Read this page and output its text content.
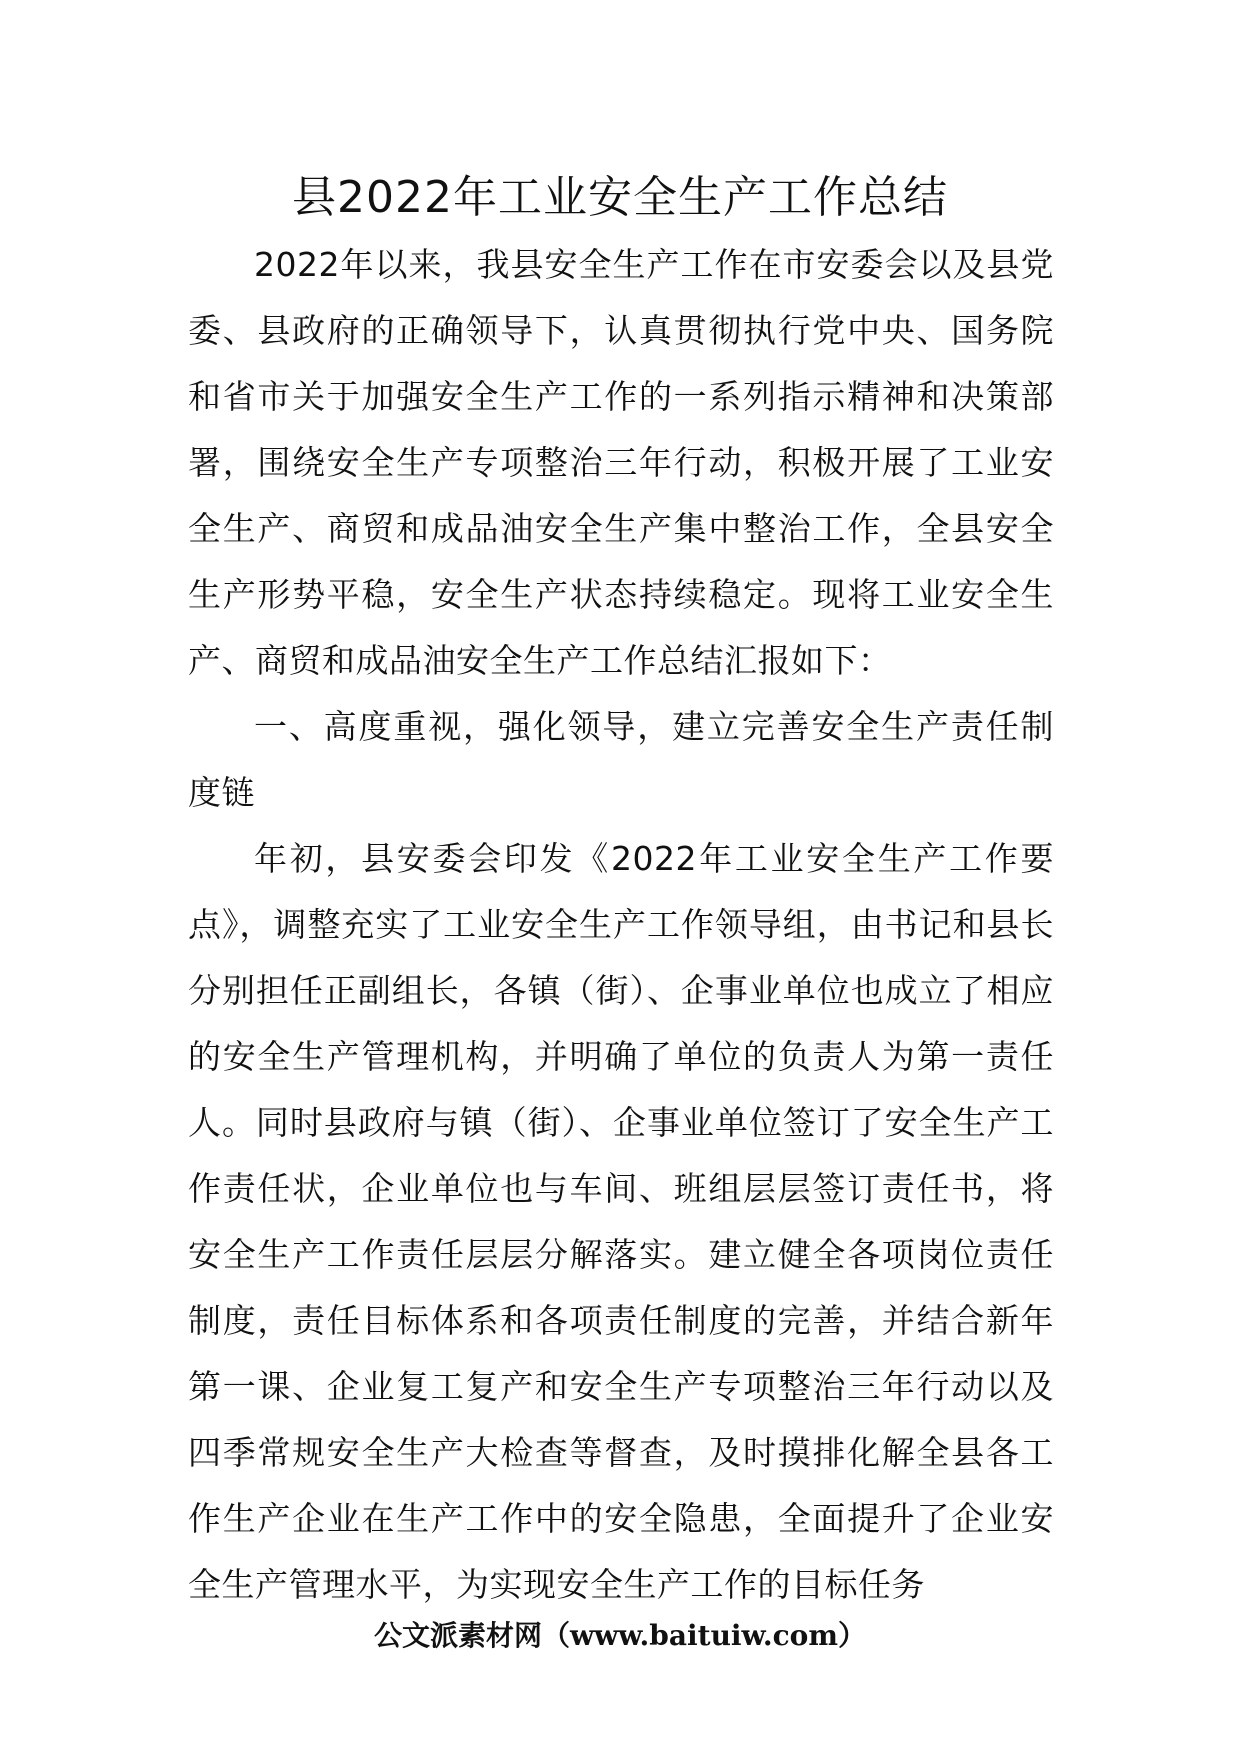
县2022年工业安全生产工作总结

2022年以来，我县安全生产工作在市安委会以及县党委、县政府的正确领导下，认真贯彻执行党中央、国务院和省市关于加强安全生产工作的一系列指示精神和决策部署，围绕安全生产专项整治三年行动，积极开展了工业安全生产、商贸和成品油安全生产集中整治工作，全县安全生产形势平稳，安全生产状态持续稳定。现将工业安全生产、商贸和成品油安全生产工作总结汇报如下：

一、高度重视，强化领导，建立完善安全生产责任制度链

年初，县安委会印发《2022年工业安全生产工作要点》，调整充实了工业安全生产工作领导组，由书记和县长分别担任正副组长，各镇（街）、企事业单位也成立了相应的安全生产管理机构，并明确了单位的负责人为第一责任人。同时县政府与镇（街）、企事业单位签订了安全生产工作责任状，企业单位也与车间、班组层层签订责任书，将安全生产工作责任层层分解落实。建立健全各项岗位责任制度，责任目标体系和各项责任制度的完善，并结合新年第一课、企业复工复产和安全生产专项整治三年行动以及四季常规安全生产大检查等督查，及时摸排化解全县各工作生产企业在生产工作中的安全隐患，全面提升了企业安全生产管理水平，为实现安全生产工作的目标任务

公文派素材网（www.baituiw.com）
